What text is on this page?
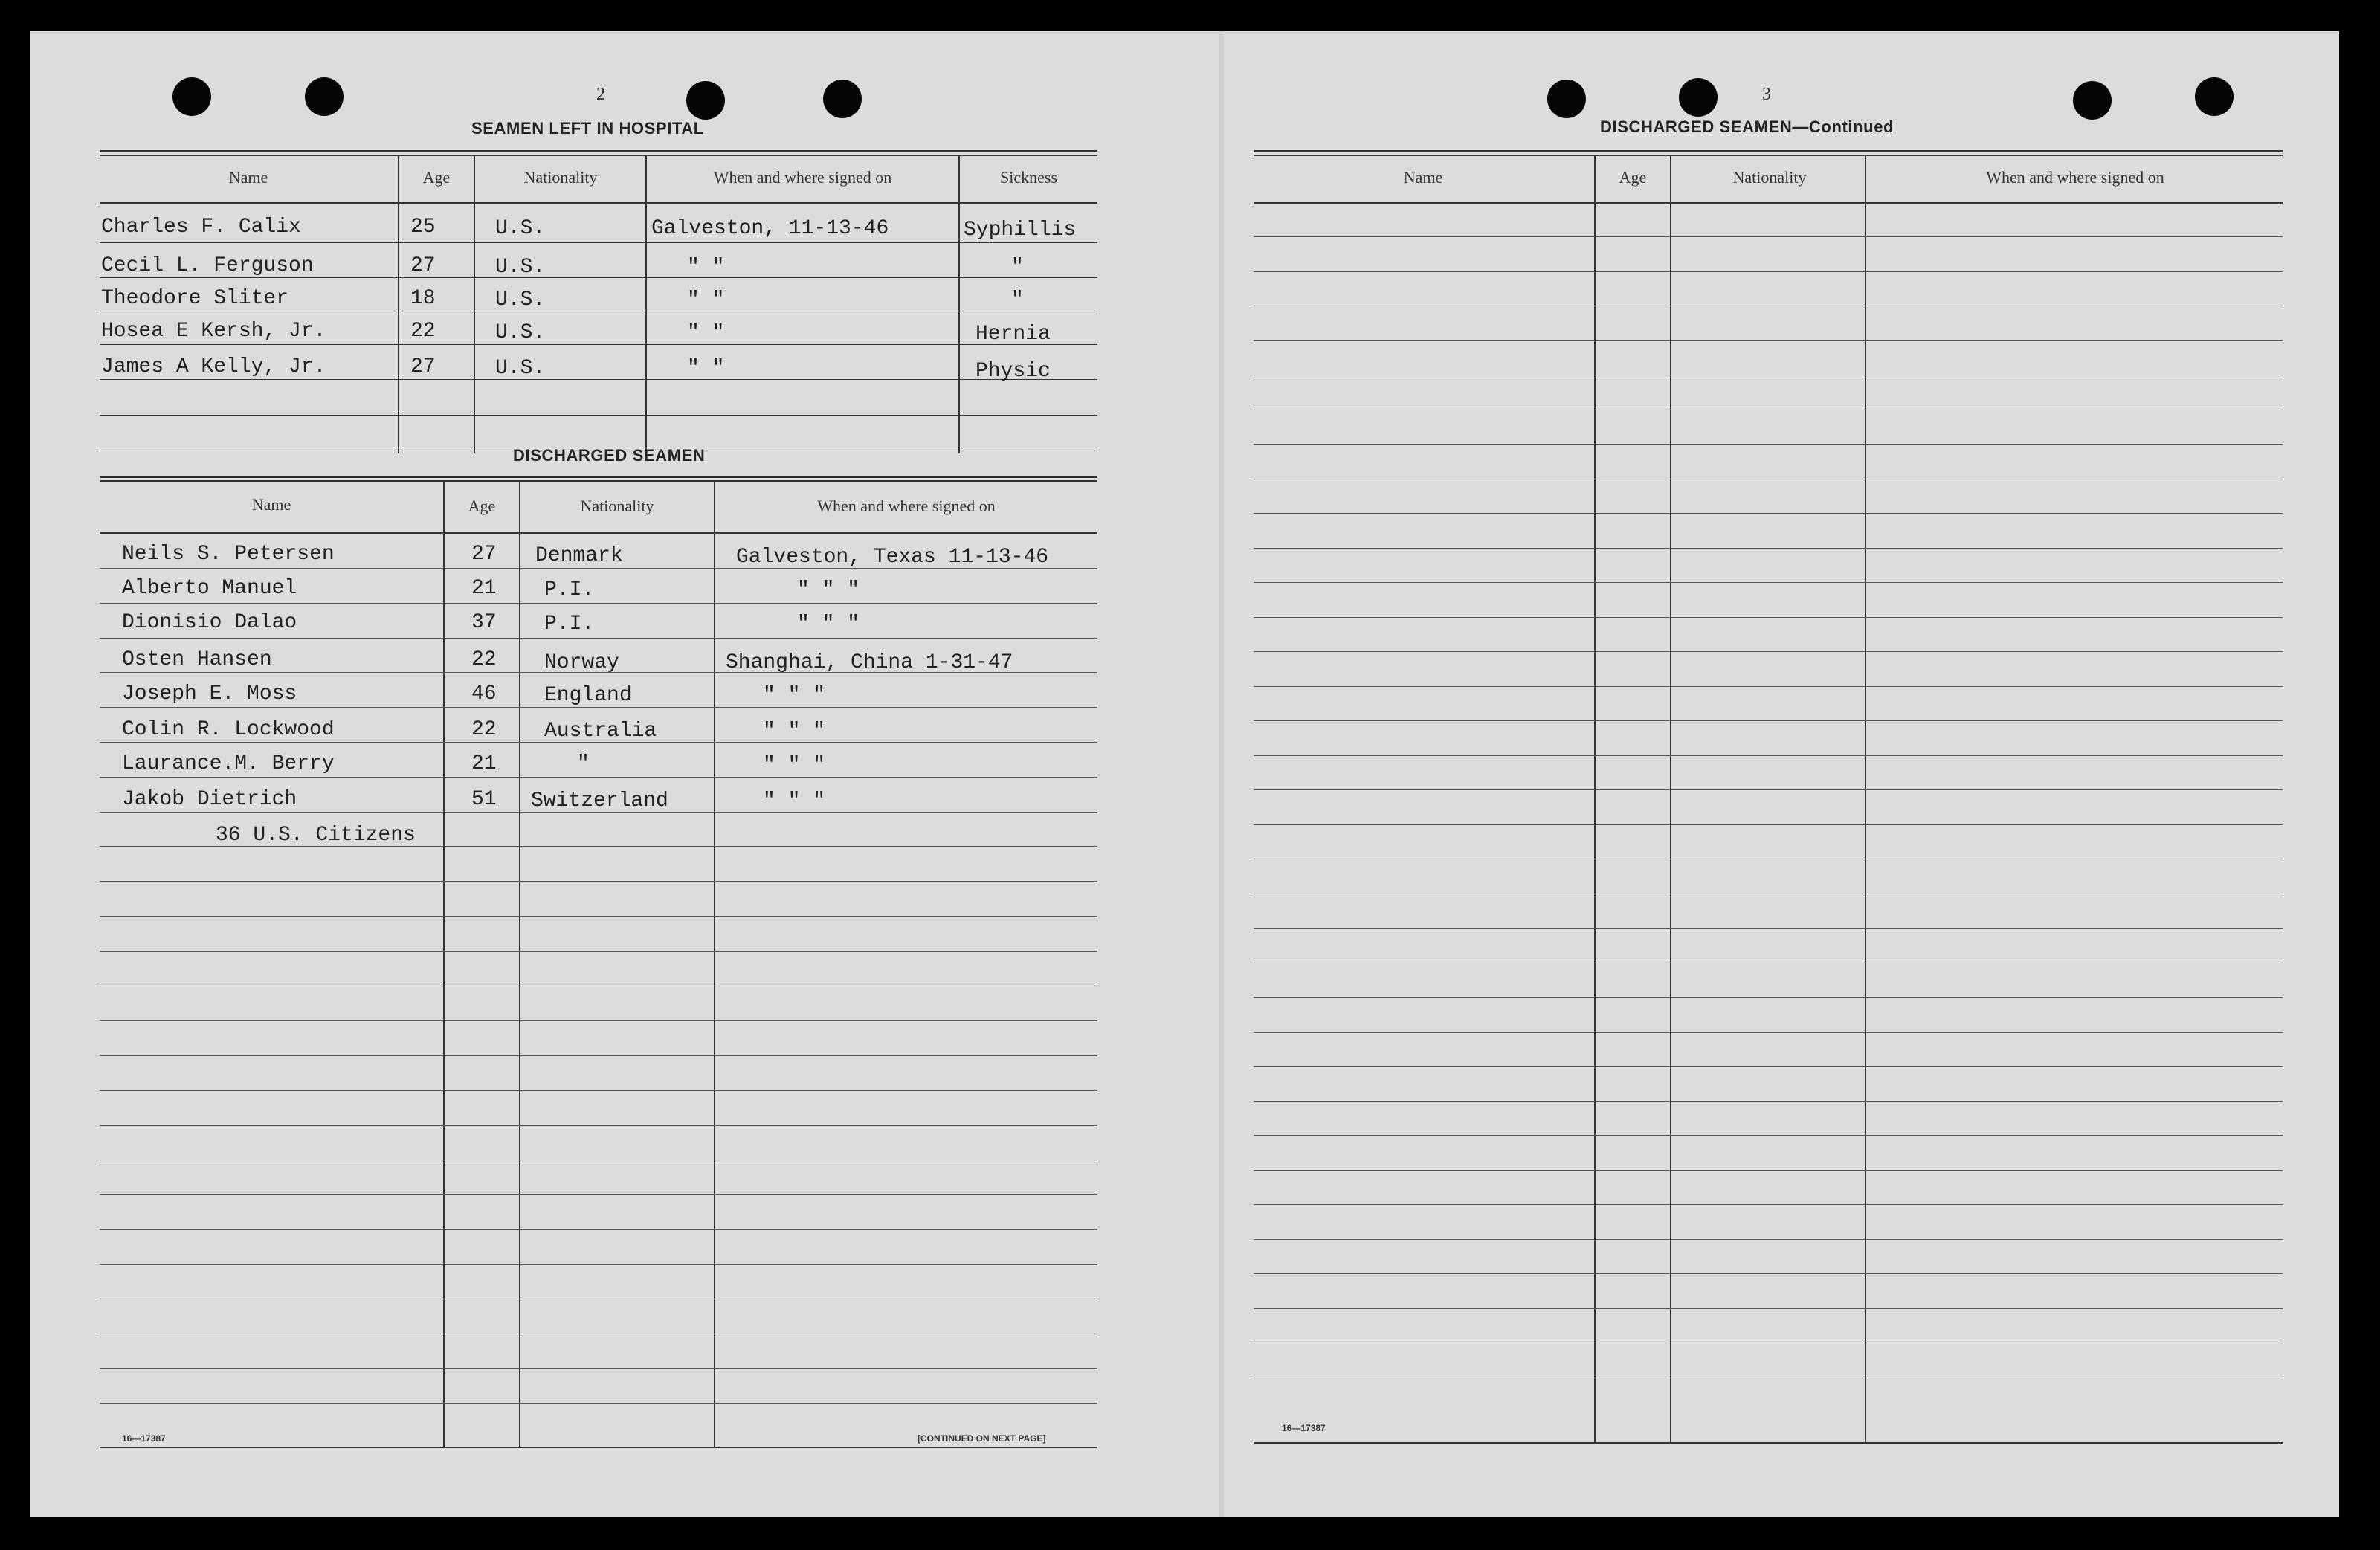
2
SEAMEN LEFT IN HOSPITAL
Name	Age	Nationality	When and where signed on	Sickness
Charles F. Calix	25	U.S.	Galveston, 11-13-46	Syphillis
Cecil L. Ferguson	27	U.S.	" "	"
Theodore Sliter	18	U.S.	" "	"
Hosea E Kersh, Jr.	22	U.S.	" "	Hernia
James A Kelly, Jr.	27	U.S.	" "	Physic
DISCHARGED SEAMEN
Name	Age	Nationality	When and where signed on
Neils S. Petersen	27 Denmark	Galveston, Texas 11-13-46
Alberto Manuel	21 P.I.	" " "
Dionisio Dalao	37 P.I.	" " "
Osten Hansen	22 Norway	Shanghai, China 1-31-47
Joseph E. Moss	46 England	" " "
Colin R. Lockwood	22 Australia	" " "
Laurance.M. Berry	21	"	" " "
Jakob Dietrich	51 Switzerland	" " "
36 U.S. Citizens
16—17387	[CONTINUED ON NEXT PAGE]
3
DISCHARGED SEAMEN—Continued
Name	Age	Nationality	When and where signed on
16—17387
